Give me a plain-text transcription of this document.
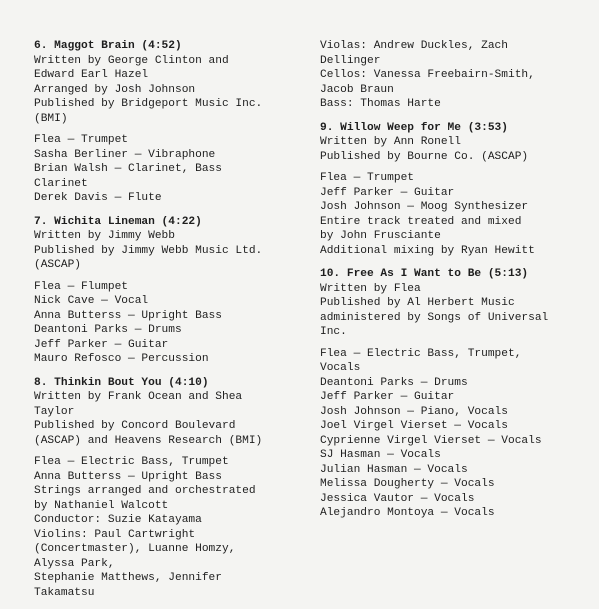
6. Maggot Brain (4:52)
Written by George Clinton and
Edward Earl Hazel
Arranged by Josh Johnson
Published by Bridgeport Music Inc.
(BMI)
Flea — Trumpet
Sasha Berliner — Vibraphone
Brian Walsh — Clarinet, Bass
Clarinet
Derek Davis — Flute
7. Wichita Lineman (4:22)
Written by Jimmy Webb
Published by Jimmy Webb Music Ltd.
(ASCAP)
Flea — Flumpet
Nick Cave — Vocal
Anna Butterss — Upright Bass
Deantoni Parks — Drums
Jeff Parker — Guitar
Mauro Refosco — Percussion
8. Thinkin Bout You (4:10)
Written by Frank Ocean and Shea
Taylor
Published by Concord Boulevard
(ASCAP) and Heavens Research (BMI)
Flea — Electric Bass, Trumpet
Anna Butterss — Upright Bass
Strings arranged and orchestrated
by Nathaniel Walcott
Conductor: Suzie Katayama
Violins: Paul Cartwright
(Concertmaster), Luanne Homzy,
Alyssa Park,
Stephanie Matthews, Jennifer
Takamatsu
Violas: Andrew Duckles, Zach
Dellinger
Cellos: Vanessa Freebairn-Smith,
Jacob Braun
Bass: Thomas Harte
9. Willow Weep for Me (3:53)
Written by Ann Ronell
Published by Bourne Co. (ASCAP)
Flea — Trumpet
Jeff Parker — Guitar
Josh Johnson — Moog Synthesizer
Entire track treated and mixed
by John Frusciante
Additional mixing by Ryan Hewitt
10. Free As I Want to Be (5:13)
Written by Flea
Published by Al Herbert Music
administered by Songs of Universal
Inc.
Flea — Electric Bass, Trumpet,
Vocals
Deantoni Parks — Drums
Jeff Parker — Guitar
Josh Johnson — Piano, Vocals
Joel Virgel Vierset — Vocals
Cyprienne Virgel Vierset — Vocals
SJ Hasman — Vocals
Julian Hasman — Vocals
Melissa Dougherty — Vocals
Jessica Vautor — Vocals
Alejandro Montoya — Vocals
